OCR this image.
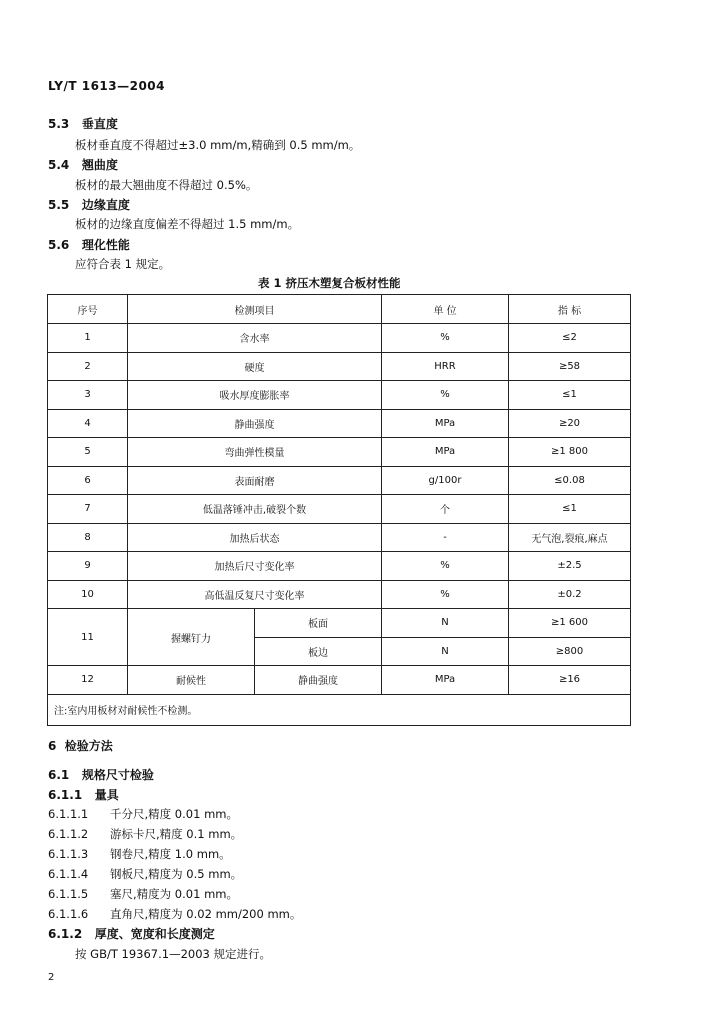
LY/T 1613—2004
5.3 垂直度
板材垂直度不得超过±3.0 mm/m,精确到 0.5 mm/m。
5.4 翘曲度
板材的最大翘曲度不得超过 0.5%。
5.5 边缘直度
板材的边缘直度偏差不得超过 1.5 mm/m。
5.6 理化性能
应符合表 1 规定。
表 1 挤压木塑复合板材性能
序号	检测项目		单 位	指 标
1	含水率		%	≤2
2	硬度		HRR	≥58
3	吸水厚度膨胀率		%	≤1
4	静曲强度		MPa	≥20
5	弯曲弹性模量		MPa	≥1 800
6	表面耐磨		g/100r	≤0.08
7	低温落锤冲击,破裂个数		个	≤1
8	加热后状态		-	无气泡,裂痕,麻点
9	加热后尺寸变化率		%	±2.5
10	高低温反复尺寸变化率		%	±0.2
11	握螺钉力	板面	N	≥1 600
		板边	N	≥800
12	耐候性	静曲强度	MPa	≥16
注:室内用板材对耐候性不检测。				
6 检验方法
6.1 规格尺寸检验
6.1.1 量具
6.1.1.1 千分尺,精度 0.01 mm。
6.1.1.2 游标卡尺,精度 0.1 mm。
6.1.1.3 钢卷尺,精度 1.0 mm。
6.1.1.4 钢板尺,精度为 0.5 mm。
6.1.1.5 塞尺,精度为 0.01 mm。
6.1.1.6 直角尺,精度为 0.02 mm/200 mm。
6.1.2 厚度、宽度和长度测定
按 GB/T 19367.1—2003 规定进行。
2
